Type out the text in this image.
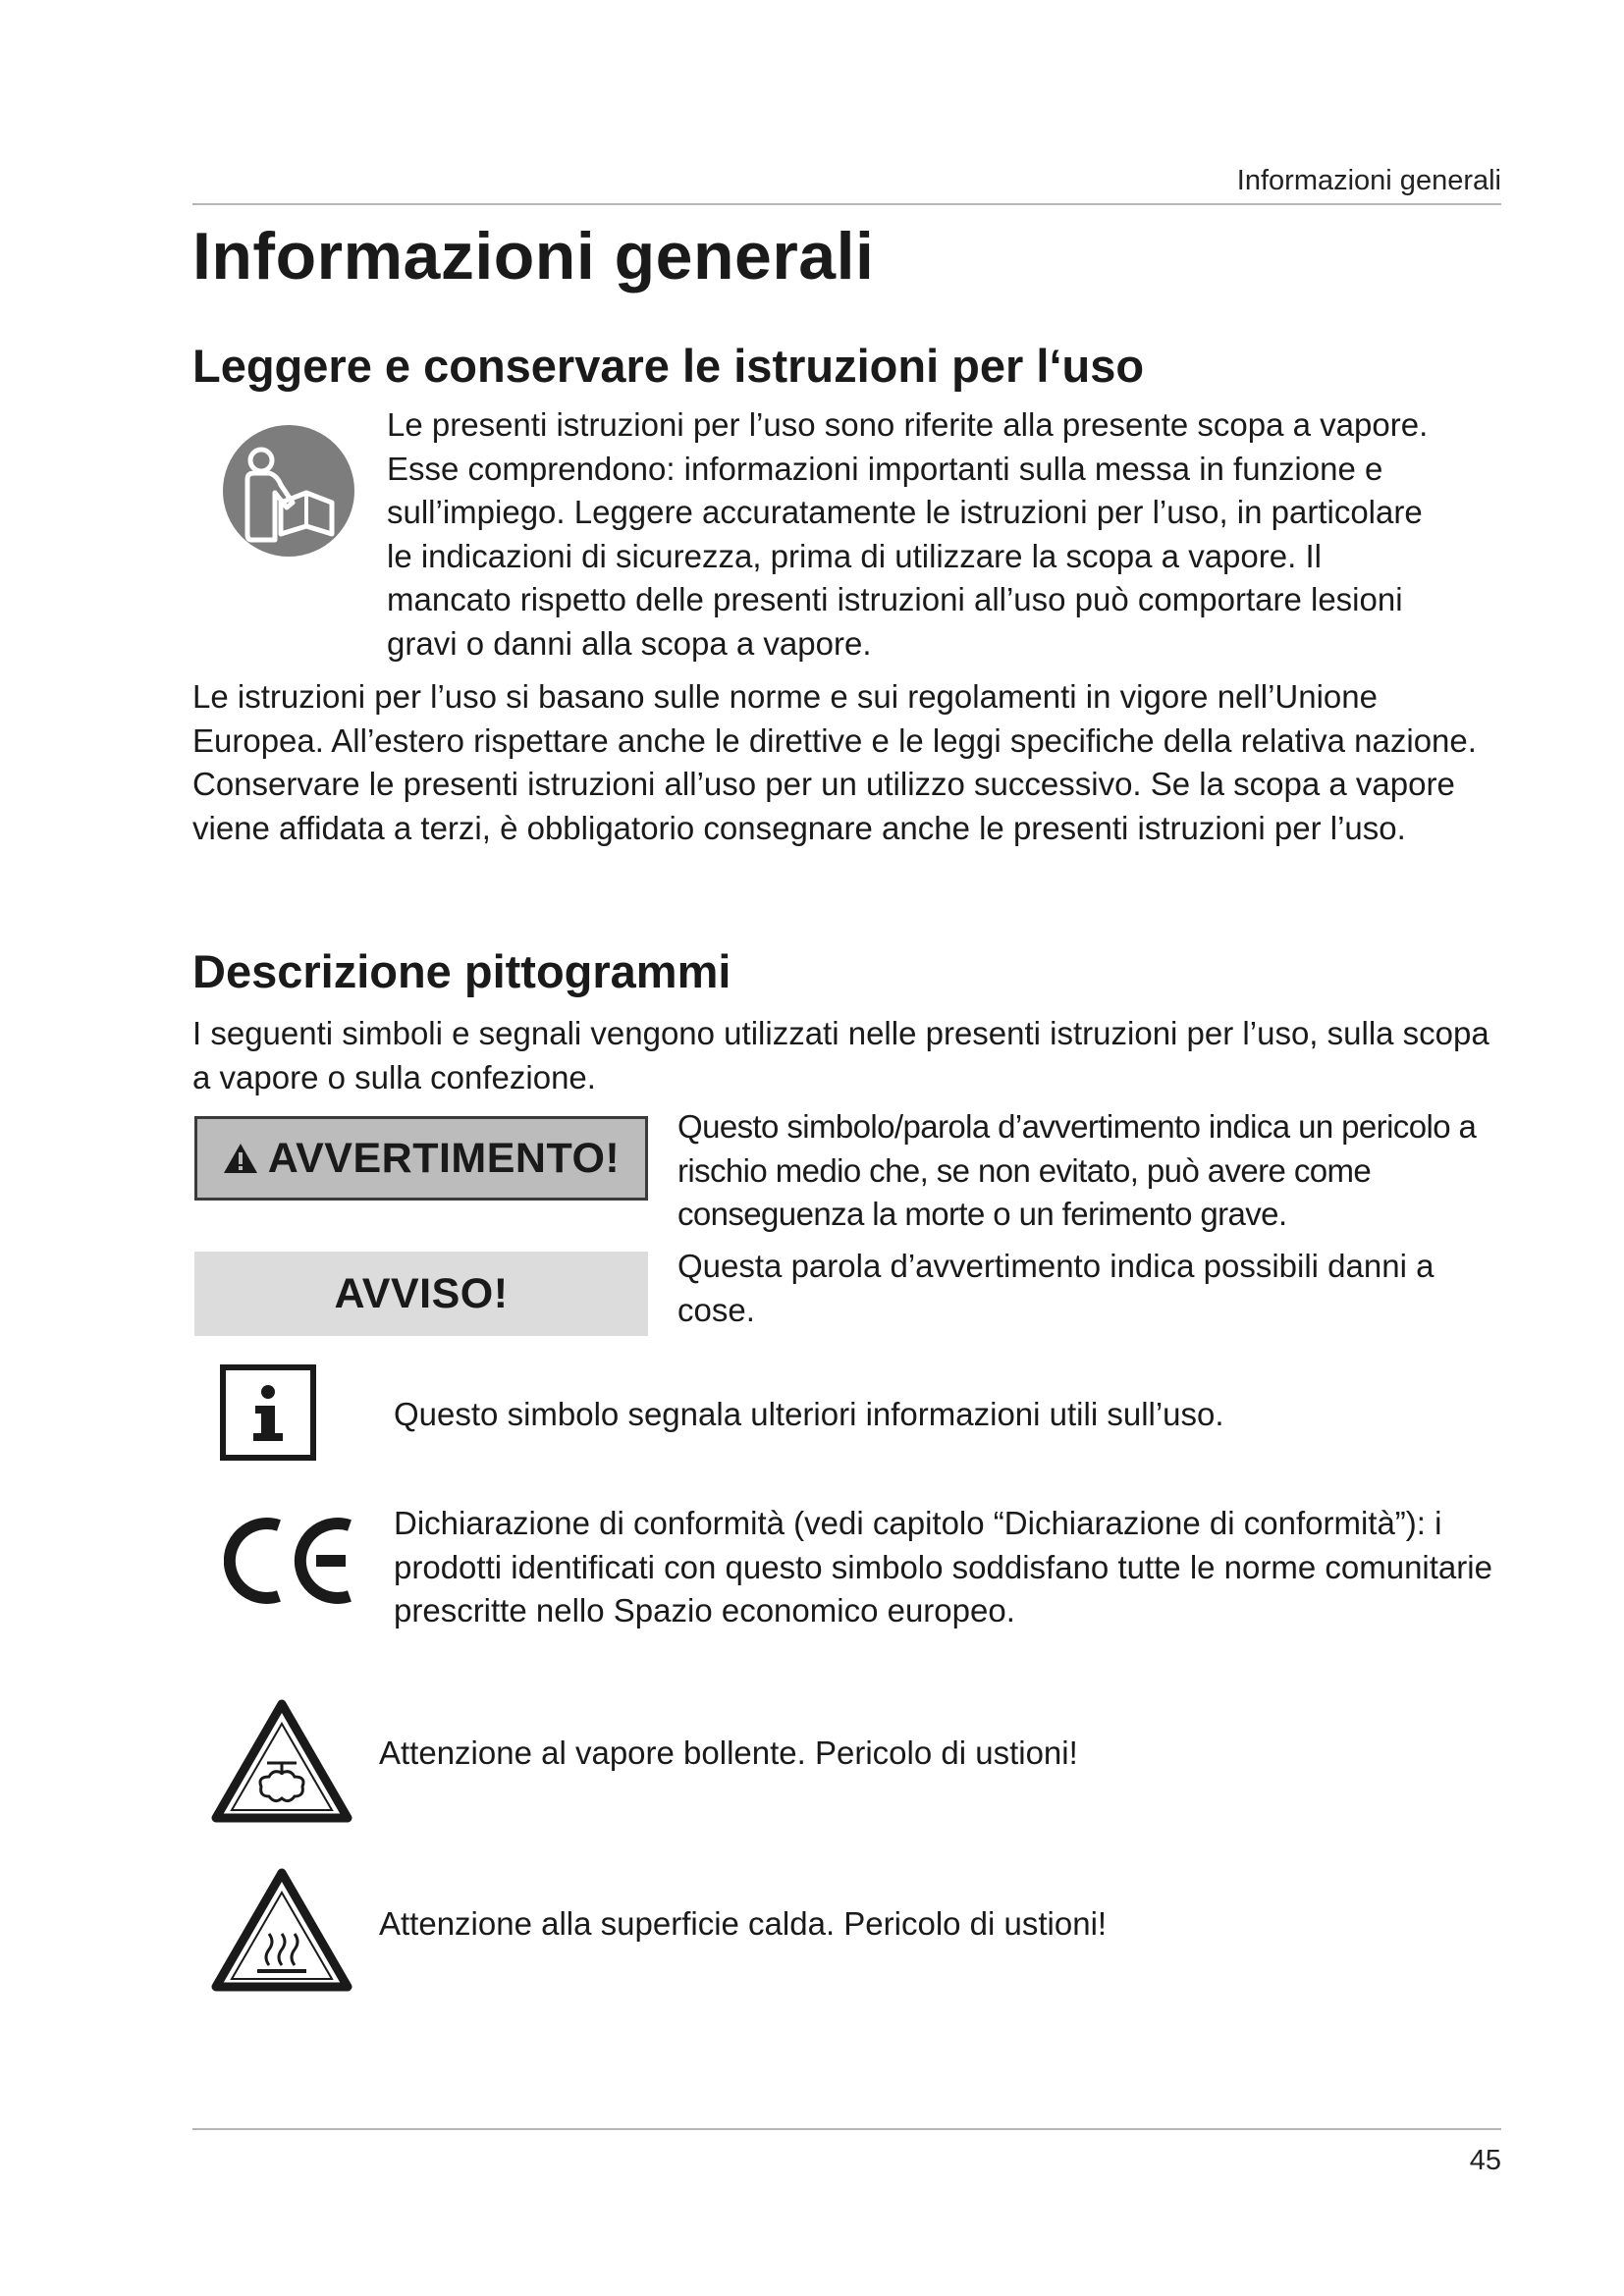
Informazioni generali
Informazioni generali
Leggere e conservare le istruzioni per l‘uso

Le presenti istruzioni per l’uso sono riferite alla presente scopa a vapore.
Esse comprendono: informazioni importanti sulla messa in funzione e
sull’impiego. Leggere accuratamente le istruzioni per l’uso, in particolare
le indicazioni di sicurezza, prima di utilizzare la scopa a vapore. Il
mancato rispetto delle presenti istruzioni all’uso può comportare lesioni
gravi o danni alla scopa a vapore.

Le istruzioni per l’uso si basano sulle norme e sui regolamenti in vigore nell’Unione Europea. All’estero rispettare anche le direttive e le leggi specifiche della relativa nazione. Conservare le presenti istruzioni all’uso per un utilizzo successivo. Se la scopa a vapore viene affidata a terzi, è obbligatorio consegnare anche le presenti istruzioni per l’uso.

Descrizione pittogrammi

I seguenti simboli e segnali vengono utilizzati nelle presenti istruzioni per l’uso, sulla scopa a vapore o sulla confezione.

AVVERTIMENTO!

Questo simbolo/parola d’avvertimento indica un pericolo a rischio medio che, se non evitato, può avere come conseguenza la morte o un ferimento grave.

AVVISO!

Questa parola d’avvertimento indica possibili danni a cose.

Questo simbolo segnala ulteriori informazioni utili sull’uso.

Dichiarazione di conformità (vedi capitolo “Dichiarazione di conformità”): i prodotti identificati con questo simbolo soddisfano tutte le norme comunitarie prescritte nello Spazio economico europeo.

Attenzione al vapore bollente. Pericolo di ustioni!

Attenzione alla superficie calda. Pericolo di ustioni!

45
